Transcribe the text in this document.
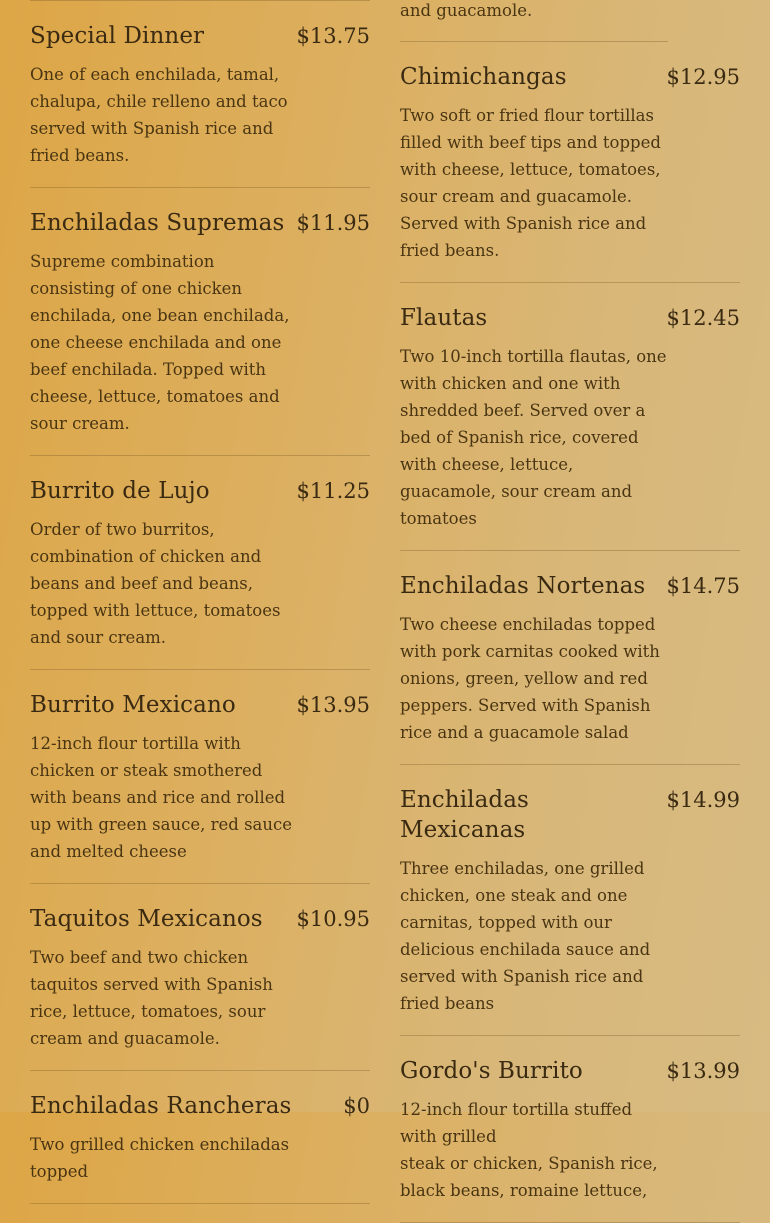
Special Dinner	$13.75
One of each enchilada, tamal, chalupa, chile relleno and taco served with Spanish rice and fried beans.
Enchiladas Supremas $11.95
Supreme combination consisting of one chicken enchilada, one bean enchilada, one cheese enchilada and one beef enchilada. Topped with cheese, lettuce, tomatoes and sour cream.
Burrito de Lujo	$11.25
Order of two burritos, combination of chicken and beans and beef and beans, topped with lettuce, tomatoes and sour cream.
Burrito Mexicano	$13.95
12-inch flour tortilla with chicken or steak smothered with beans and rice and rolled up with green sauce, red sauce and melted cheese
Taquitos Mexicanos $10.95
Two beef and two chicken taquitos served with Spanish rice, lettuce, tomatoes, sour cream and guacamole.
Enchiladas Rancheras $0
Two grilled chicken enchiladas
topped
and guacamole.
Chimichangas	$12.95
Two soft or fried flour tortillas filled with beef tips and topped with cheese, lettuce, tomatoes, sour cream and guacamole. Served with Spanish rice and fried beans.
Flautas	$12.45
Two 10-inch tortilla flautas, one with chicken and one with shredded beef. Served over a bed of Spanish rice, covered with cheese, lettuce, guacamole, sour cream and tomatoes
Enchiladas Nortenas $14.75
Two cheese enchiladas topped with pork carnitas cooked with onions, green, yellow and red peppers. Served with Spanish rice and a guacamole salad
Enchiladas Mexicanas
$14.99
Three enchiladas, one grilled chicken, one steak and one carnitas, topped with our delicious enchilada sauce and served with Spanish rice and fried beans
Gordo's Burrito	$13.99
12-inch flour tortilla stuffed with grilled
steak or chicken, Spanish rice, black beans, romaine lettuce,
